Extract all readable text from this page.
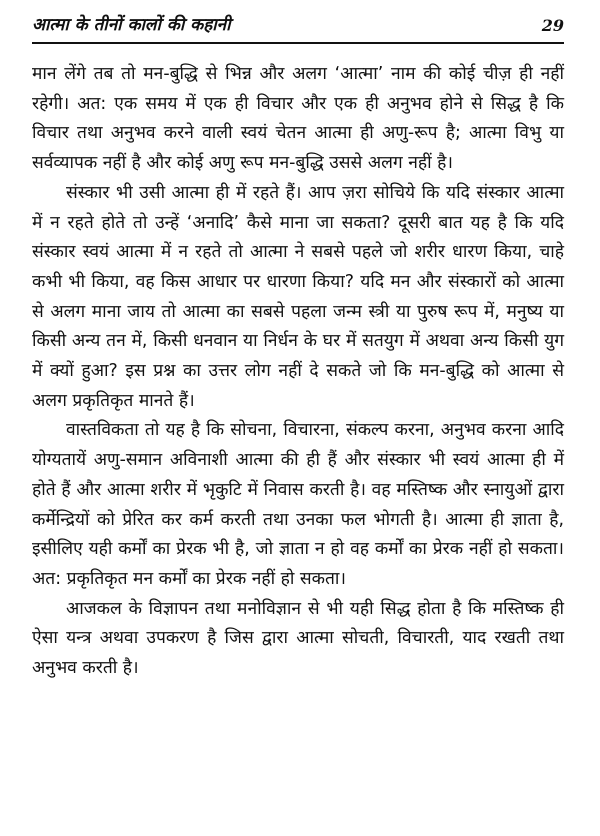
आत्मा के तीनों कालों की कहानी	29

मान लेंगे तब तो मन-बुद्धि से भिन्न और अलग ‘आत्मा’ नाम की कोई चीज़ ही नहीं रहेगी। अत: एक समय में एक ही विचार और एक ही अनुभव होने से सिद्ध है कि विचार तथा अनुभव करने वाली स्वयं चेतन आत्मा ही अणु-रूप है; आत्मा विभु या सर्वव्यापक नहीं है और कोई अणु रूप मन-बुद्धि उससे अलग नहीं है।

संस्कार भी उसी आत्मा ही में रहते हैं। आप ज़रा सोचिये कि यदि संस्कार आत्मा में न रहते होते तो उन्हें ‘अनादि’ कैसे माना जा सकता? दूसरी बात यह है कि यदि संस्कार स्वयं आत्मा में न रहते तो आत्मा ने सबसे पहले जो शरीर धारण किया, चाहे कभी भी किया, वह किस आधार पर धारणा किया? यदि मन और संस्कारों को आत्मा से अलग माना जाय तो आत्मा का सबसे पहला जन्म स्त्री या पुरुष रूप में, मनुष्य या किसी अन्य तन में, किसी धनवान या निर्धन के घर में सतयुग में अथवा अन्य किसी युग में क्यों हुआ? इस प्रश्न का उत्तर लोग नहीं दे सकते जो कि मन-बुद्धि को आत्मा से अलग प्रकृतिकृत मानते हैं।

वास्तविकता तो यह है कि सोचना, विचारना, संकल्प करना, अनुभव करना आदि योग्यतायें अणु-समान अविनाशी आत्मा की ही हैं और संस्कार भी स्वयं आत्मा ही में होते हैं और आत्मा शरीर में भृकुटि में निवास करती है। वह मस्तिष्क और स्नायुओं द्वारा कर्मेन्द्रियों को प्रेरित कर कर्म करती तथा उनका फल भोगती है। आत्मा ही ज्ञाता है, इसीलिए यही कर्मों का प्रेरक भी है, जो ज्ञाता न हो वह कर्मों का प्रेरक नहीं हो सकता। अत: प्रकृतिकृत मन कर्मों का प्रेरक नहीं हो सकता।

आजकल के विज्ञापन तथा मनोविज्ञान से भी यही सिद्ध होता है कि मस्तिष्क ही ऐसा यन्त्र अथवा उपकरण है जिस द्वारा आत्मा सोचती, विचारती, याद रखती तथा अनुभव करती है।
